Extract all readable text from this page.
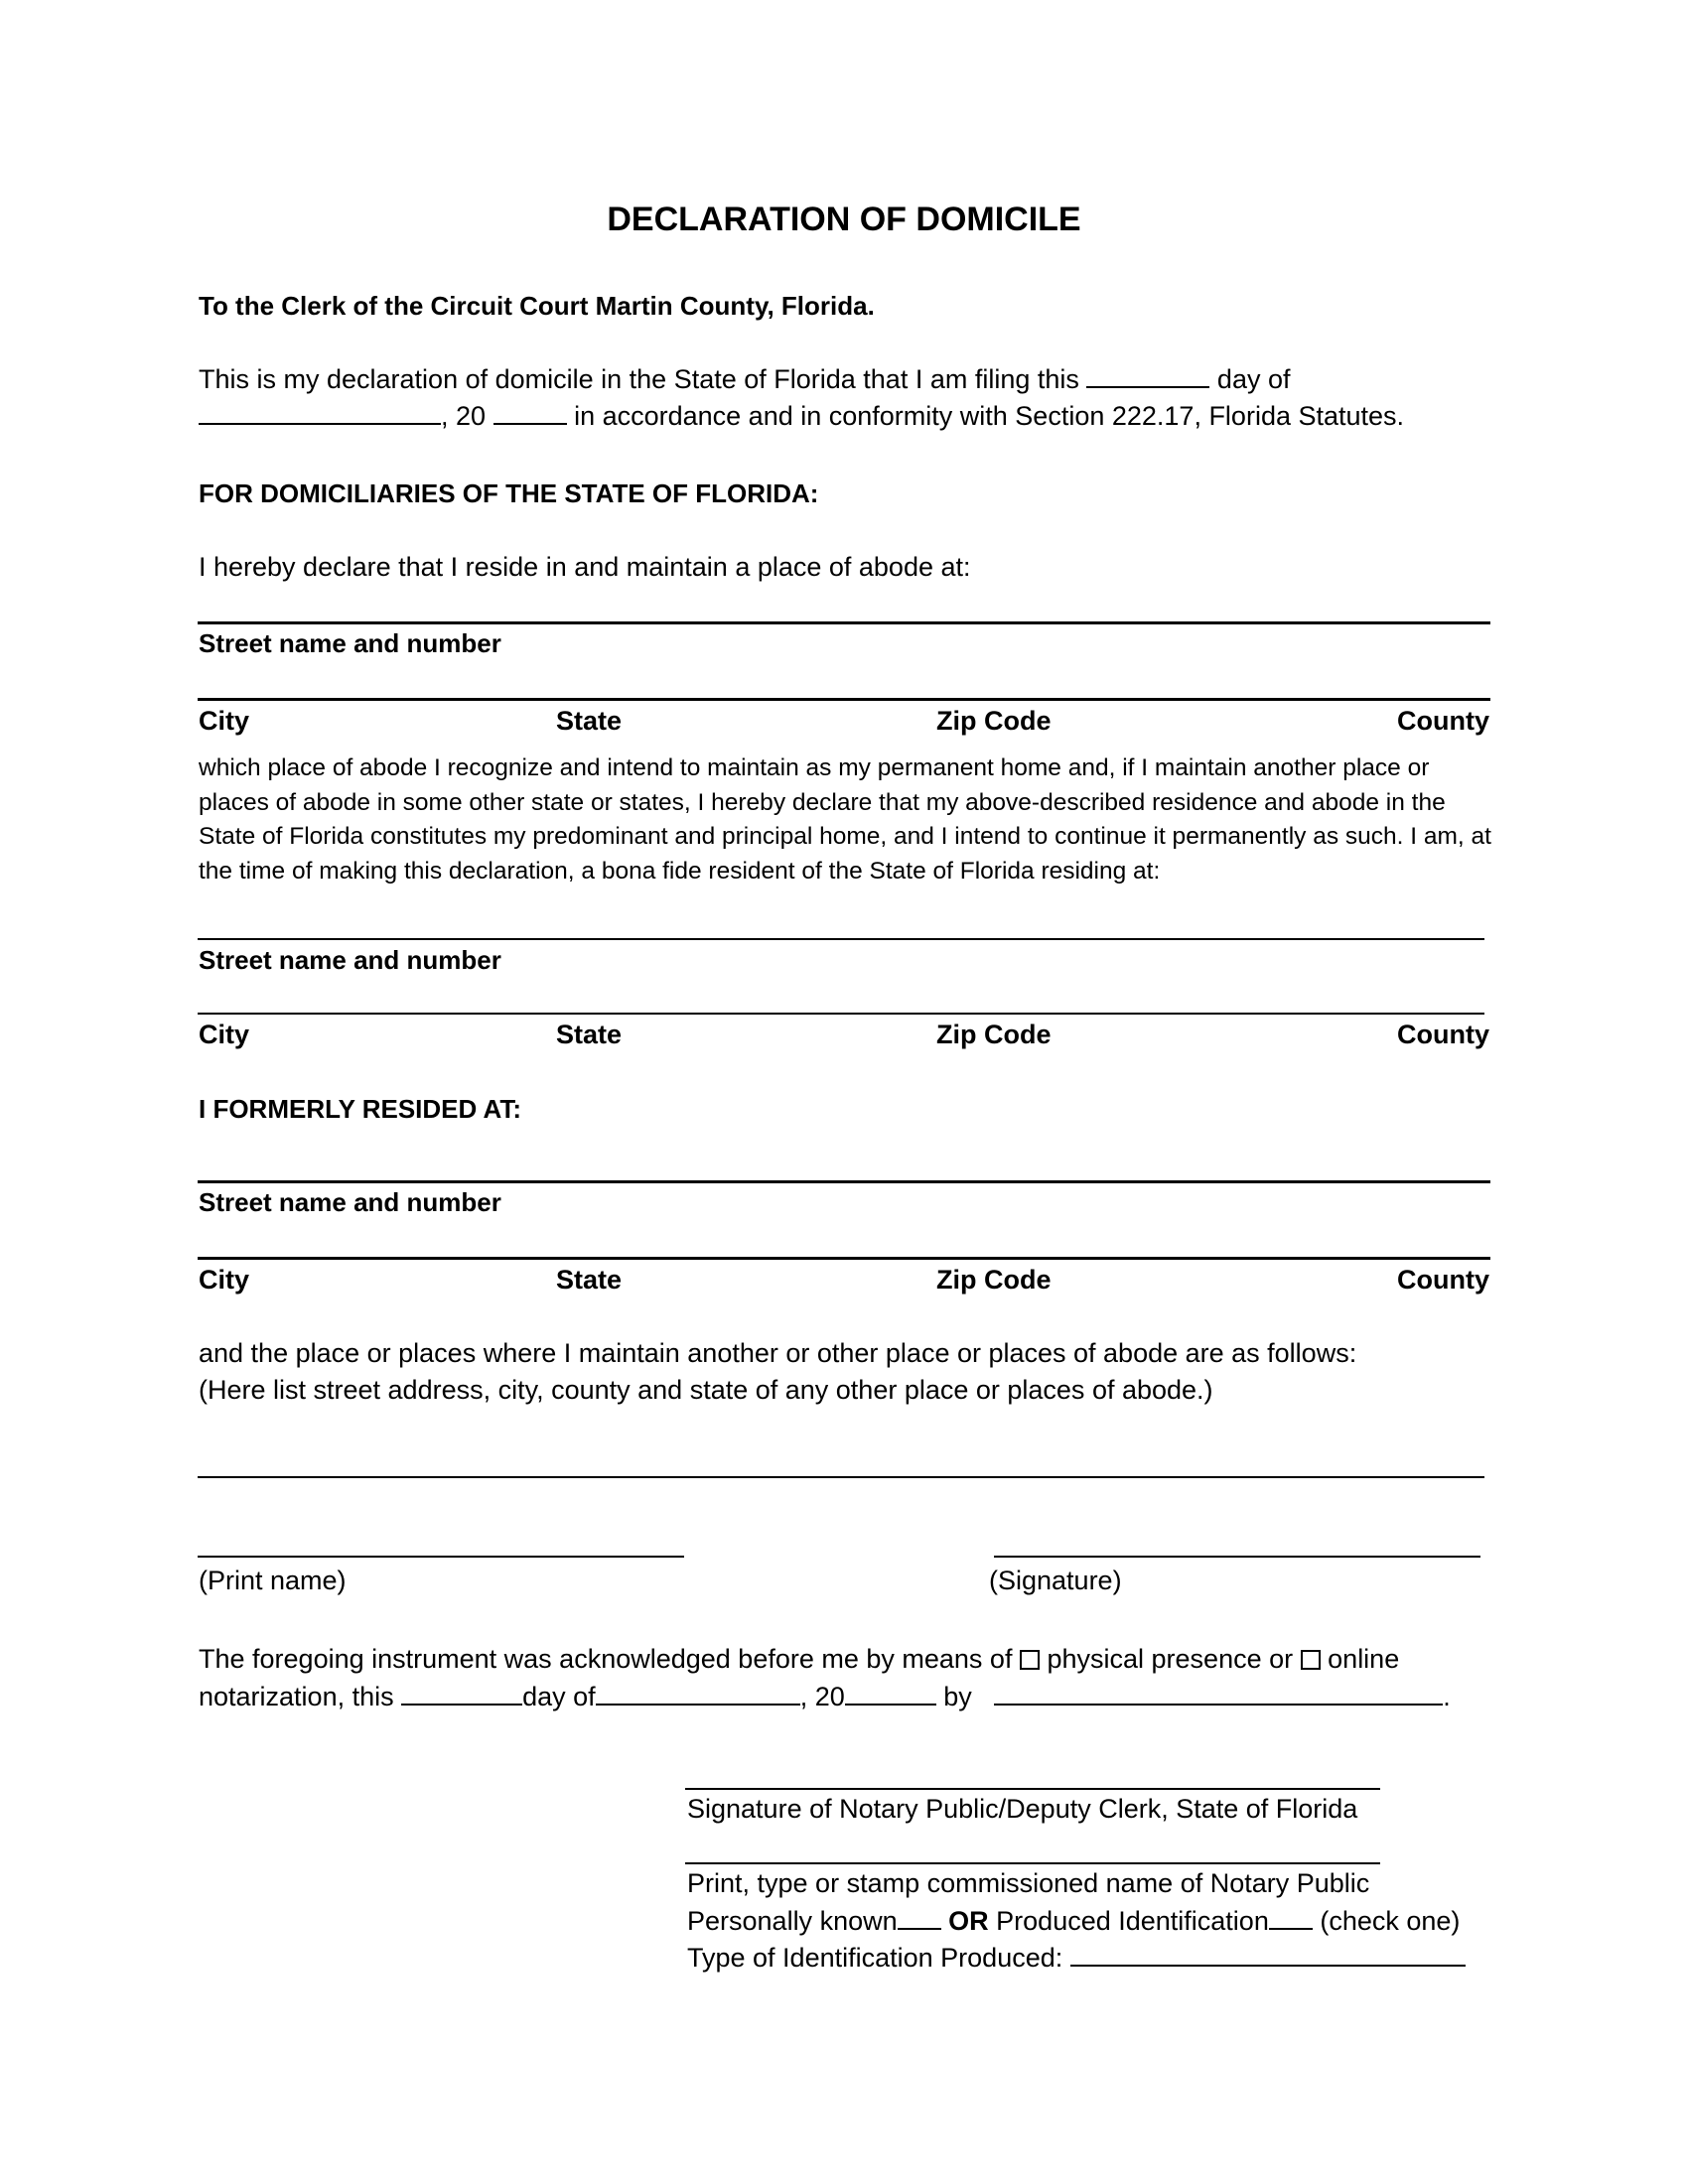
DECLARATION OF DOMICILE
To the Clerk of the Circuit Court Martin County, Florida.
This is my declaration of domicile in the State of Florida that I am filing this	day of
, 20	in accordance and in conformity with Section 222.17, Florida Statutes.
FOR DOMICILIARIES OF THE STATE OF FLORIDA:
I hereby declare that I reside in and maintain a place of abode at:
Street name and number
City	State	Zip Code	County
which place of abode I recognize and intend to maintain as my permanent home and, if I maintain another place or places of abode in some other state or states, I hereby declare that my above-described residence and abode in the State of Florida constitutes my predominant and principal home, and I intend to continue it permanently as such. I am, at the time of making this declaration, a bona fide resident of the State of Florida residing at:
Street name and number
City	State	Zip Code	County
I FORMERLY RESIDED AT:
Street name and number
City	State	Zip Code	County
and the place or places where I maintain another or other place or places of abode are as follows:
(Here list street address, city, county and state of any other place or places of abode.)
(Print name)	(Signature)
The foregoing instrument was acknowledged before me by means of physical presence or online
notarization, this	day of	, 20	by	.
Signature of Notary Public/Deputy Clerk, State of Florida
Print, type or stamp commissioned name of Notary Public
Personally known OR Produced Identification (check one)
Type of Identification Produced:
